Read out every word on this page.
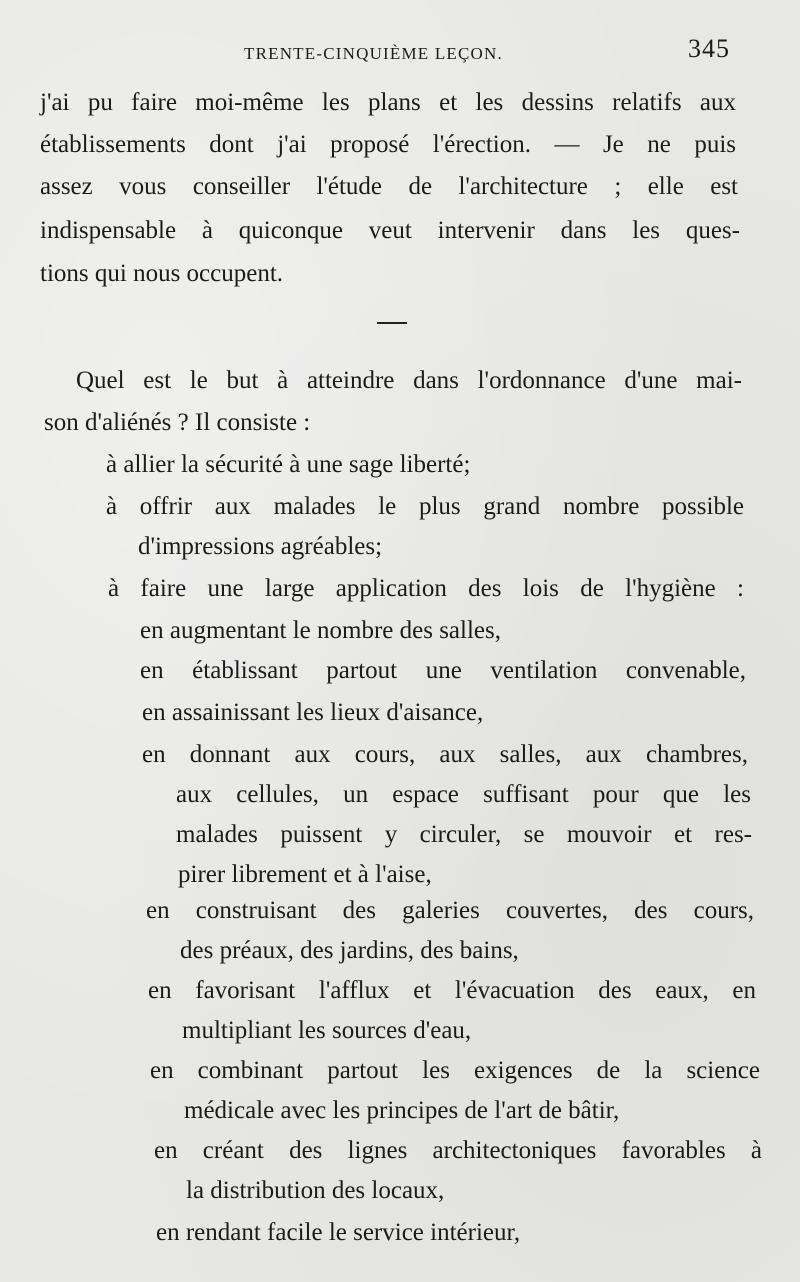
TRENTE-CINQUIÈME LEÇON.	345
j'ai pu faire moi-même les plans et les dessins relatifs aux
établissements dont j'ai proposé l'érection. — Je ne puis
assez vous conseiller l'étude de l'architecture ; elle est
indispensable à quiconque veut intervenir dans les ques-
tions qui nous occupent.
Quel est le but à atteindre dans l'ordonnance d'une mai-
son d'aliénés ? Il consiste :
à allier la sécurité à une sage liberté;
à offrir aux malades le plus grand nombre possible
d'impressions agréables;
à faire une large application des lois de l'hygiène :
en augmentant le nombre des salles,
en établissant partout une ventilation convenable,
en assainissant les lieux d'aisance,
en donnant aux cours, aux salles, aux chambres,
aux cellules, un espace suffisant pour que les
malades puissent y circuler, se mouvoir et res-
pirer librement et à l'aise,
en construisant des galeries couvertes, des cours,
des préaux, des jardins, des bains,
en favorisant l'afflux et l'évacuation des eaux, en
multipliant les sources d'eau,
en combinant partout les exigences de la science
médicale avec les principes de l'art de bâtir,
en créant des lignes architectoniques favorables à
la distribution des locaux,
en rendant facile le service intérieur,
